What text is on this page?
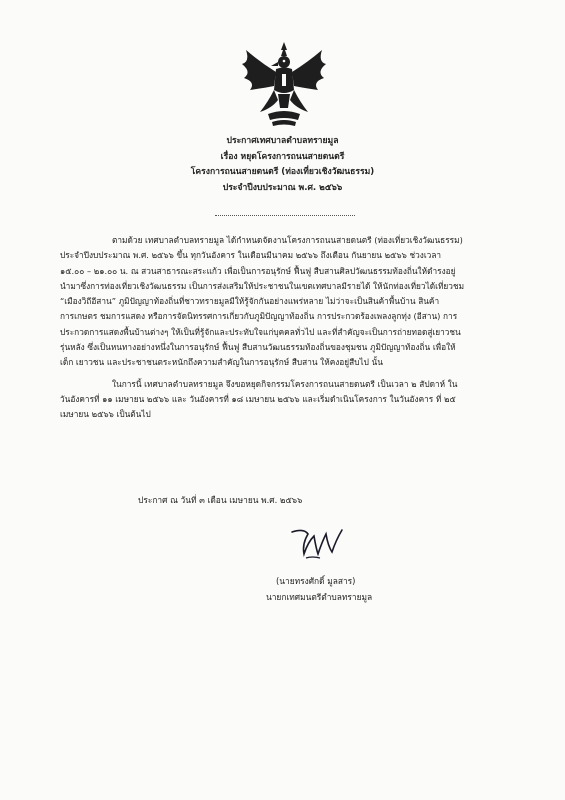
ประกาศเทศบาลตำบลทรายมูล
เรื่อง หยุดโครงการถนนสายดนตรี
โครงการถนนสายดนตรี (ท่องเที่ยวเชิงวัฒนธรรม)
ประจำปีงบประมาณ พ.ศ. ๒๕๖๖

ตามด้วย เทศบาลตำบลทรายมูล ได้กำหนดจัดงานโครงการถนนสายดนตรี (ท่องเที่ยวเชิงวัฒนธรรม)
ประจำปีงบประมาณ พ.ศ. ๒๕๖๖ ขึ้น ทุกวันอังคาร ในเดือนมีนาคม ๒๕๖๖ ถึงเดือน กันยายน ๒๕๖๖ ช่วงเวลา
๑๕.๐๐ – ๒๑.๐๐ น. ณ สวนสาธารณะสระแก้ว เพื่อเป็นการอนุรักษ์ ฟื้นฟู สืบสานศิลปวัฒนธรรมท้องถิ่นให้ดำรงอยู่
นำมาซึ่งการท่องเที่ยวเชิงวัฒนธรรม เป็นการส่งเสริมให้ประชาชนในเขตเทศบาลมีรายได้ ให้นักท่องเที่ยวได้เที่ยวชม
“เมืองวิถีอีสาน” ภูมิปัญญาท้องถิ่นที่ชาวทรายมูลมีให้รู้จักกันอย่างแพร่หลาย ไม่ว่าจะเป็นสินค้าพื้นบ้าน สินค้า
การเกษตร ชมการแสดง หรือการจัดนิทรรศการเกี่ยวกับภูมิปัญญาท้องถิ่น การประกวดร้องเพลงลูกทุ่ง (อีสาน) การ
ประกวดการแสดงพื้นบ้านต่างๆ ให้เป็นที่รู้จักและประทับใจแก่บุคคลทั่วไป และที่สำคัญจะเป็นการถ่ายทอดสู่เยาวชน
รุ่นหลัง ซึ่งเป็นหนทางอย่างหนึ่งในการอนุรักษ์ ฟื้นฟู สืบสานวัฒนธรรมท้องถิ่นของชุมชน ภูมิปัญญาท้องถิ่น เพื่อให้
เด็ก เยาวชน และประชาชนตระหนักถึงความสำคัญในการอนุรักษ์ สืบสาน ให้คงอยู่สืบไป นั้น

ในการนี้ เทศบาลตำบลทรายมูล จึงขอหยุดกิจกรรมโครงการถนนสายดนตรี เป็นเวลา ๒ สัปดาห์ ใน
วันอังคารที่ ๑๑ เมษายน ๒๕๖๖ และ วันอังคารที่ ๑๘ เมษายน ๒๕๖๖ และเริ่มดำเนินโครงการ ในวันอังคาร ที่ ๒๕
เมษายน ๒๕๖๖ เป็นต้นไป

ประกาศ ณ วันที่ ๓ เดือน เมษายน พ.ศ. ๒๕๖๖
(นายทรงศักดิ์ มูลสาร)
นายกเทศมนตรีตำบลทรายมูล
